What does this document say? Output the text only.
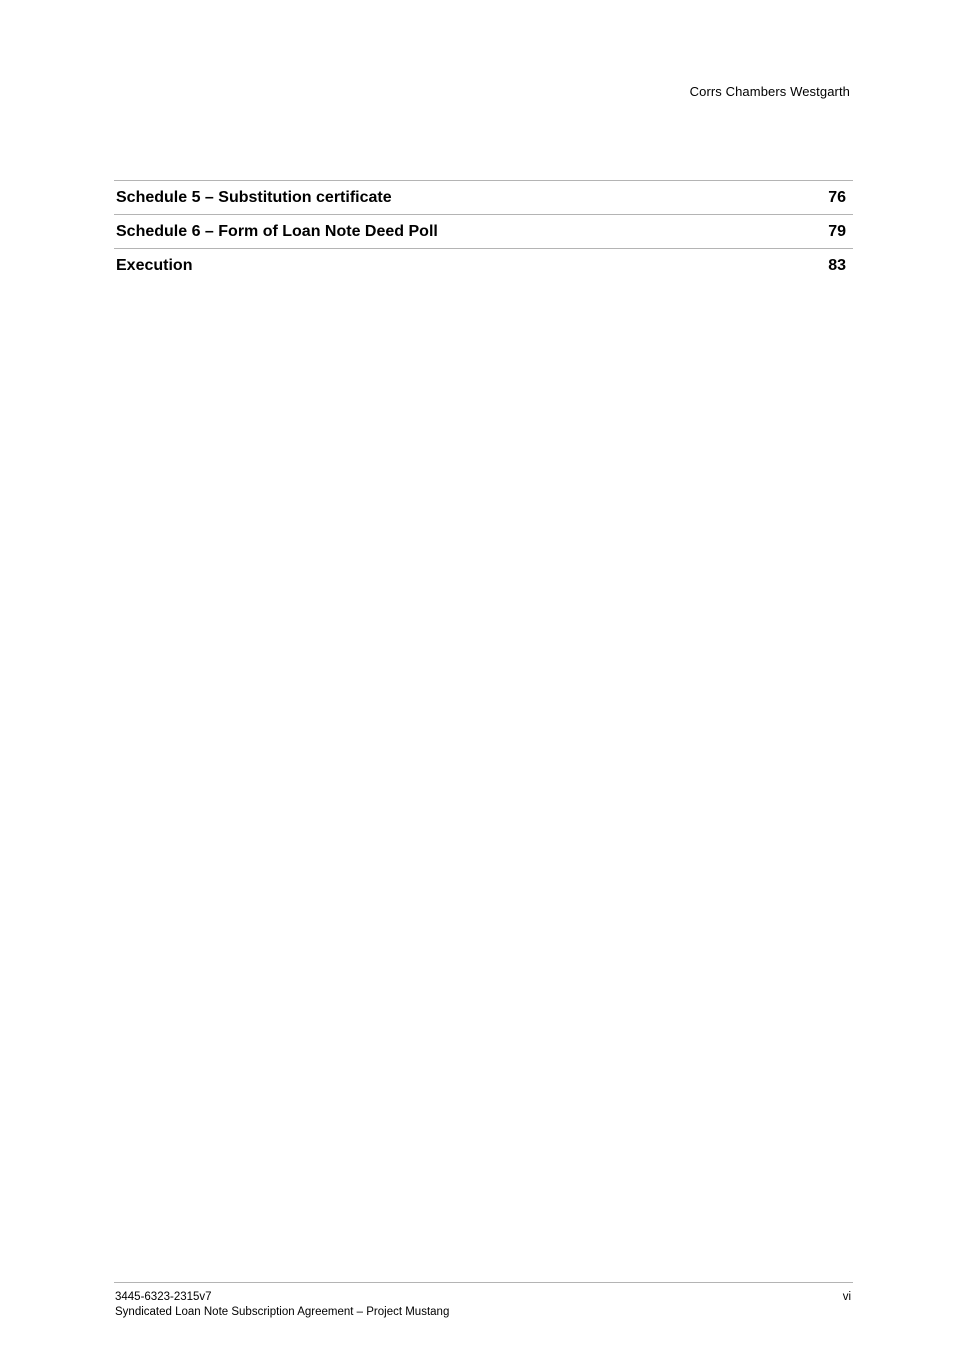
Corrs Chambers Westgarth
Schedule 5 – Substitution certificate	76
Schedule 6 – Form of Loan Note Deed Poll	79
Execution	83
3445-6323-2315v7
Syndicated Loan Note Subscription Agreement – Project Mustang
vi
